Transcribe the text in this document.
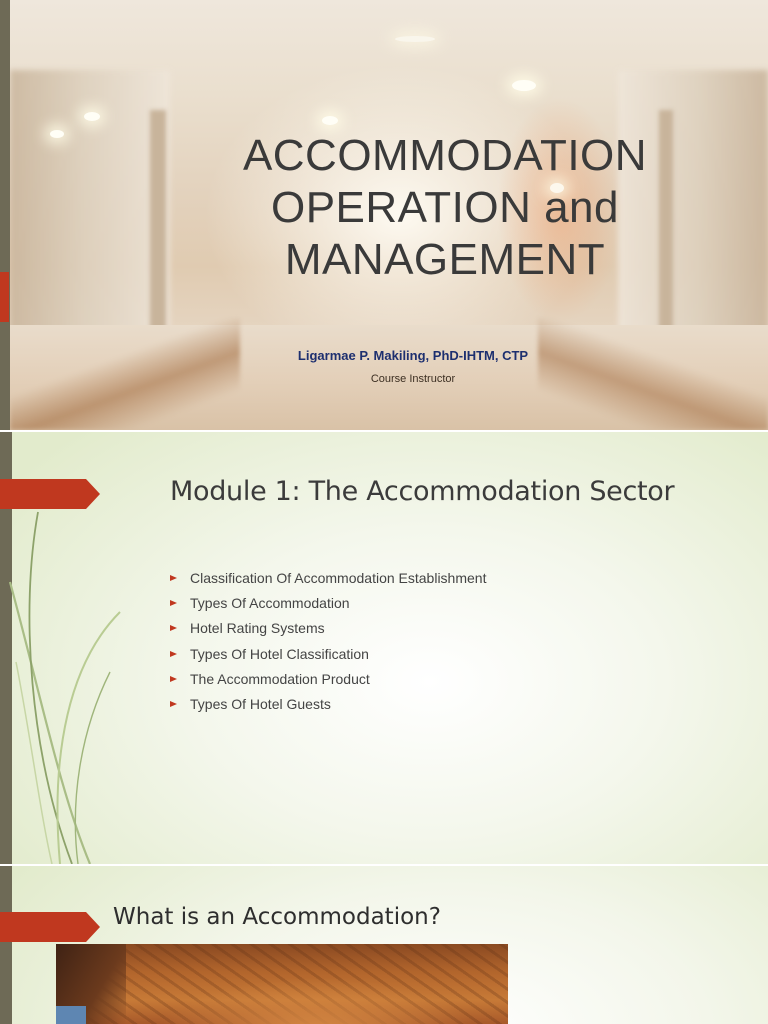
ACCOMMODATION
OPERATION and
MANAGEMENT
Ligarmae P. Makiling, PhD-IHTM, CTP
Course Instructor
Module 1: The Accommodation Sector
Classification Of Accommodation Establishment
Types Of Accommodation
Hotel Rating Systems
Types Of Hotel Classification
The Accommodation Product
Types Of Hotel Guests
What is an Accommodation?
